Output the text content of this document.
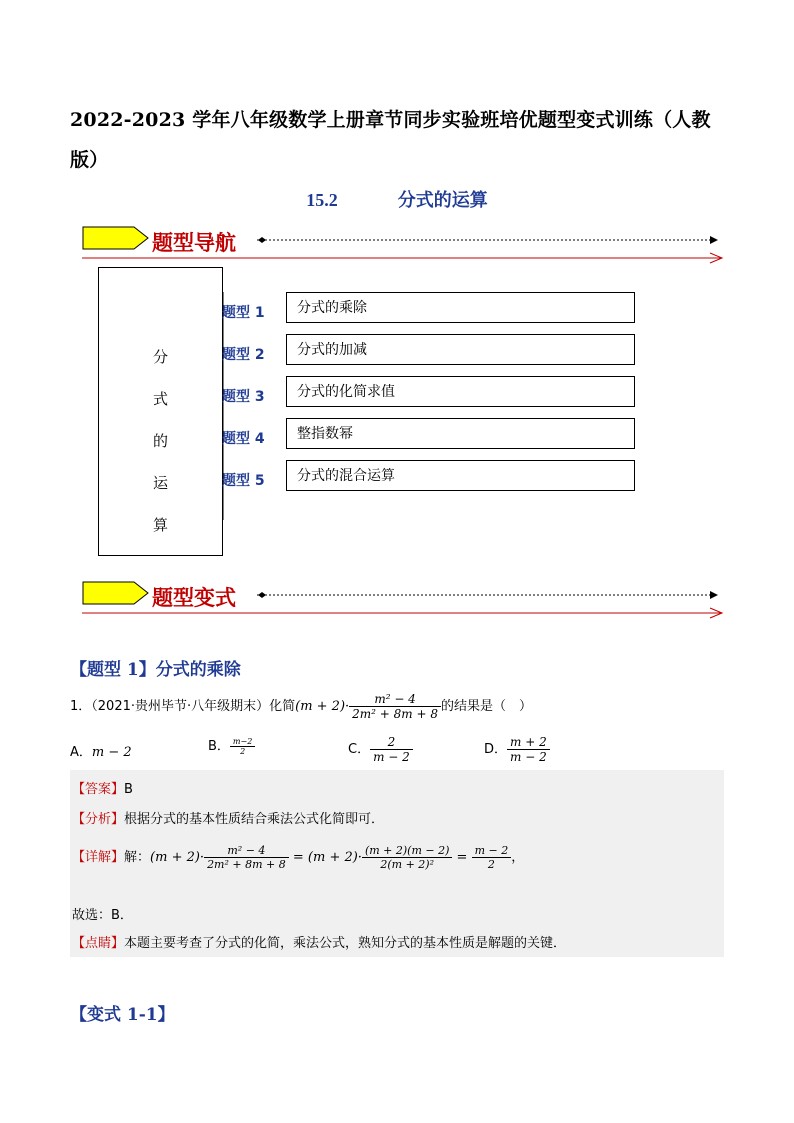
2022-2023 学年八年级数学上册章节同步实验班培优题型变式训练（人教版）
15.2	分式的运算
题型导航
分
式
的
运
算
题型 1	分式的乘除
题型 2	分式的加减
题型 3	分式的化简求值
题型 4	整指数幂
题型 5	分式的混合运算
题型变式
【题型 1】分式的乘除
1．（2021·贵州毕节·八年级期末）化简$(m + 2)\cdot \frac{\text{m² − 4}}{\text{2m² + 8m + 8}}$ 的结果是（　）
A．m − 2	B． $\frac{m-2}{2}$	C． $\frac{2}{m - 2}$	D． $\frac{m + 2}{m - 2}$
【答案】B
【分析】根据分式的基本性质结合乘法公式化简即可．
【详解】解：$(m + 2)\cdot \frac{\text{m² − 4}}{\text{2m² + 8m + 8}} = (m + 2)\cdot \frac{(m + 2)(m - 2)}{\text{2(m + 2)²}} = \frac{m - 2}{2}$ ，
故选：B．
【点睛】本题主要考查了分式的化简，乘法公式，熟知分式的基本性质是解题的关键．
【变式 1-1】
